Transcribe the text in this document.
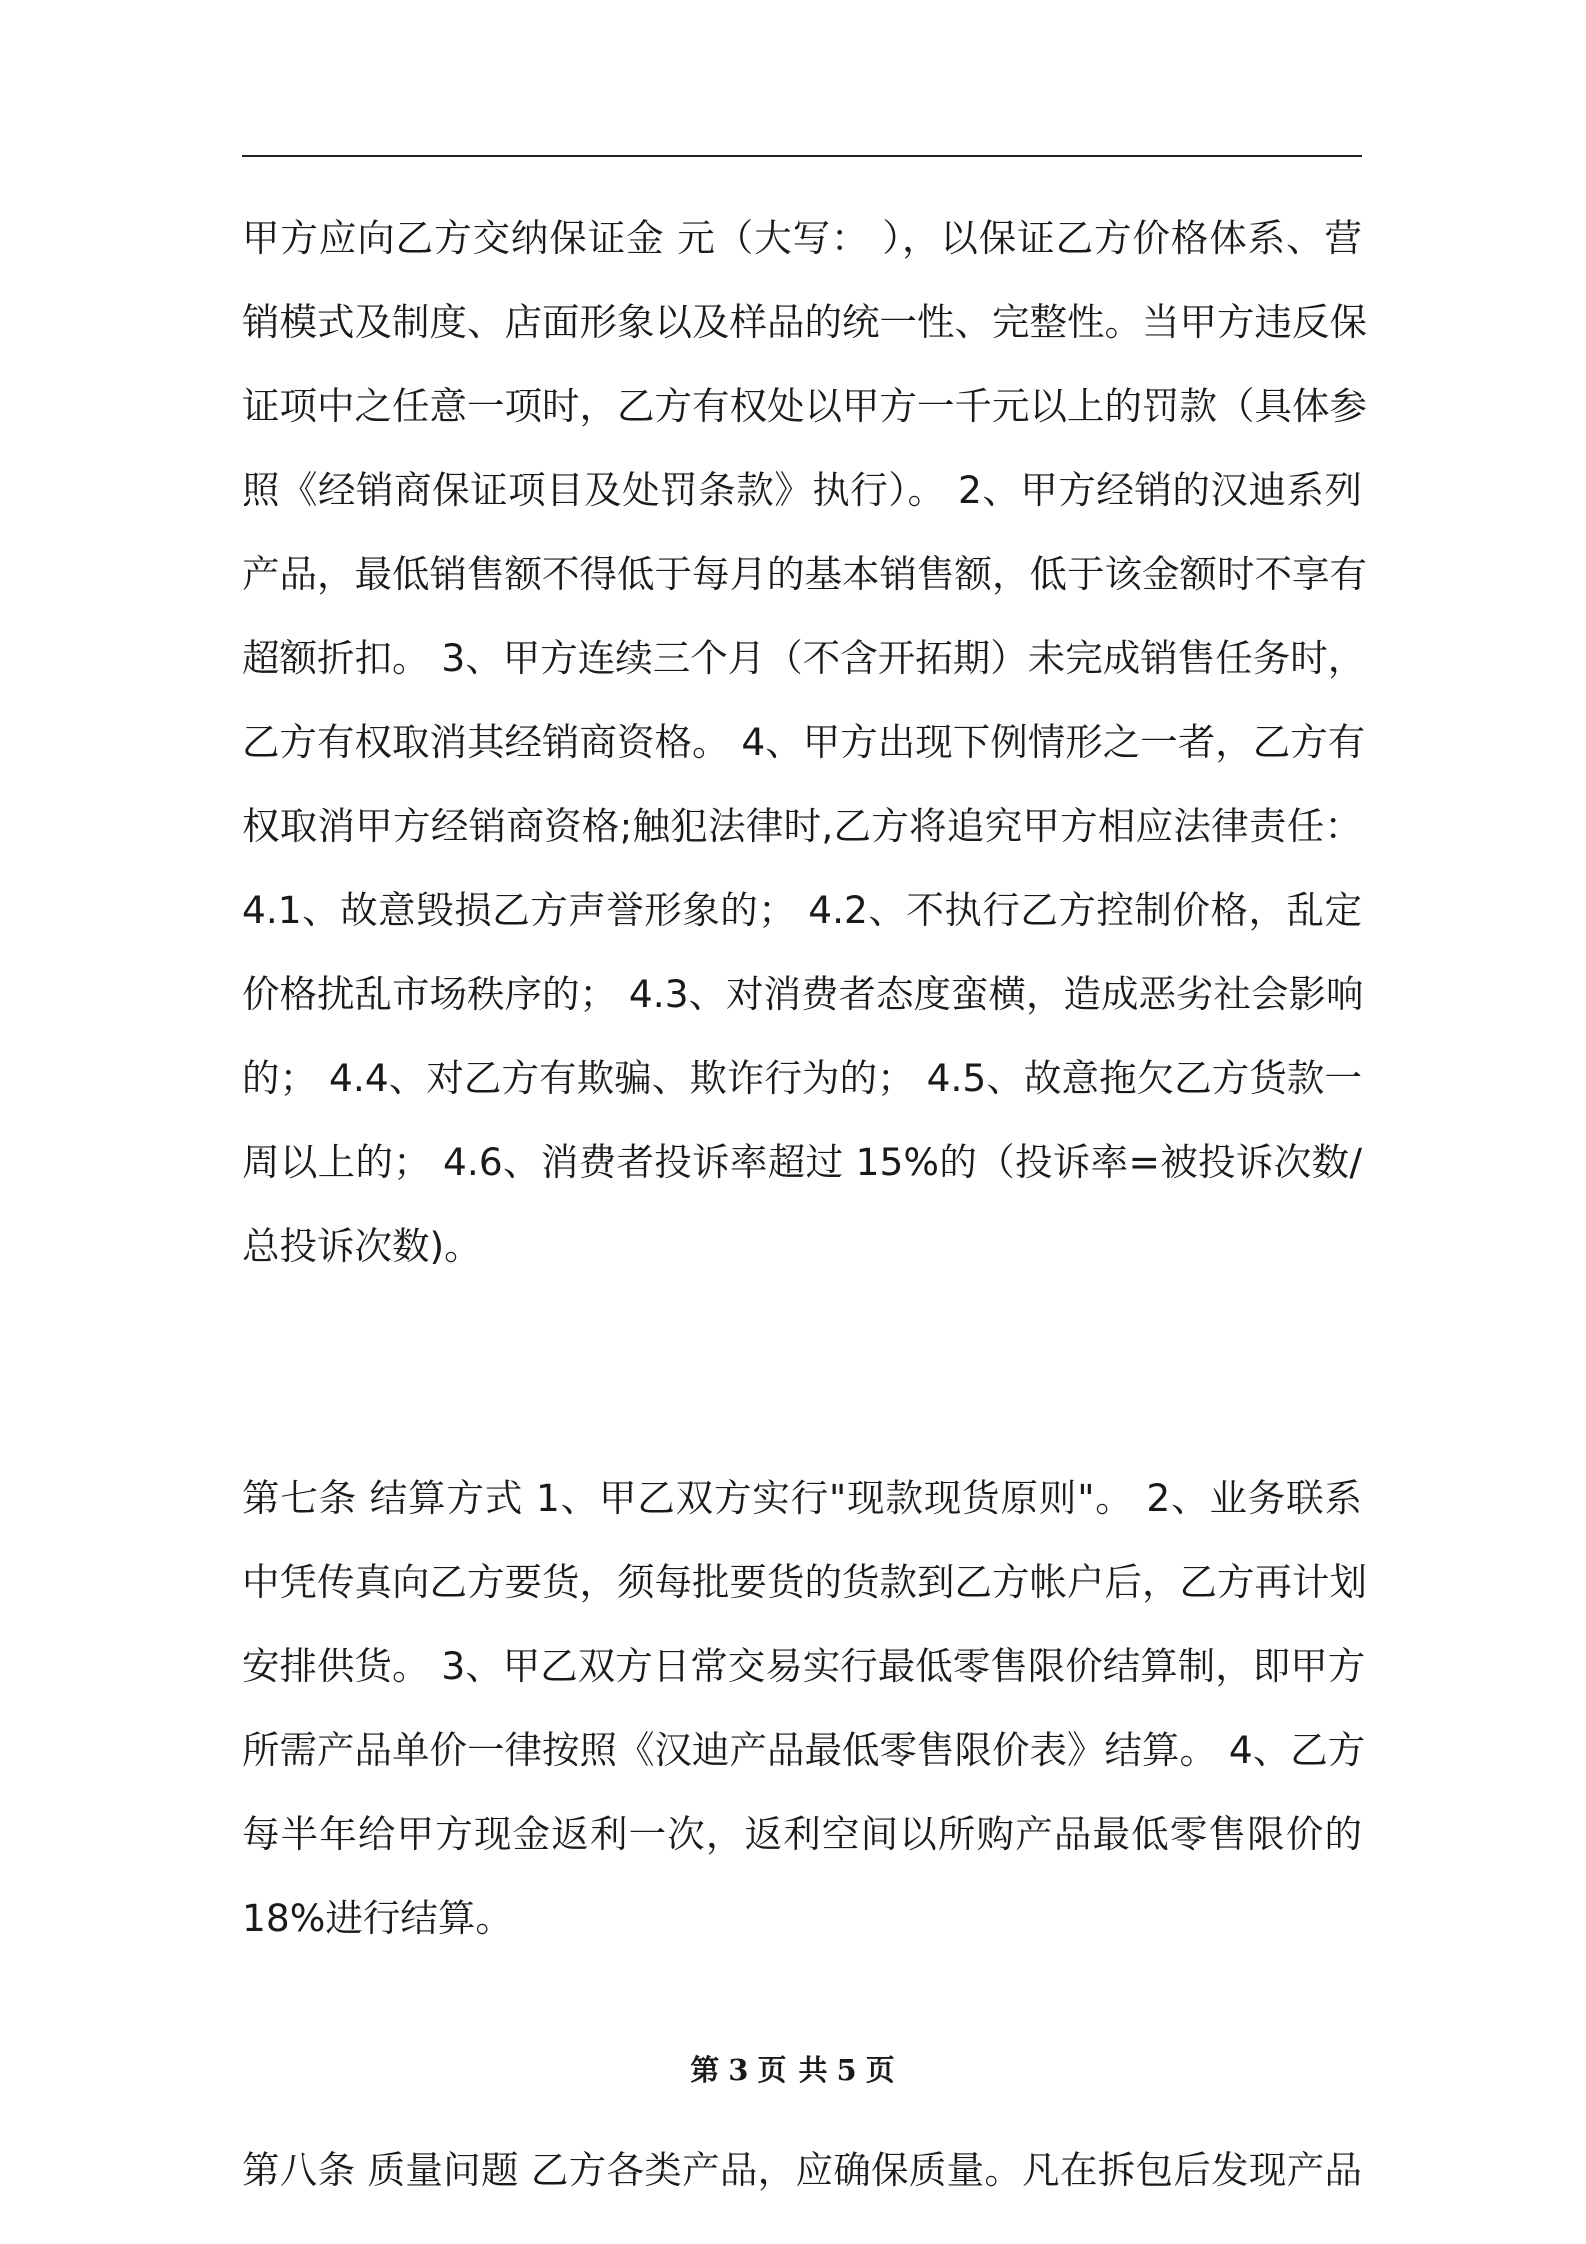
甲方应向乙方交纳保证金 元（大写： ），以保证乙方价格体系、营
销模式及制度、店面形象以及样品的统一性、完整性。当甲方违反保
证项中之任意一项时，乙方有权处以甲方一千元以上的罚款（具体参
照《经销商保证项目及处罚条款》执行）。 2、甲方经销的汉迪系列
产品，最低销售额不得低于每月的基本销售额，低于该金额时不享有
超额折扣。 3、甲方连续三个月（不含开拓期）未完成销售任务时，
乙方有权取消其经销商资格。 4、甲方出现下例情形之一者，乙方有
权取消甲方经销商资格;触犯法律时,乙方将追究甲方相应法律责任：
4.1、故意毁损乙方声誉形象的； 4.2、不执行乙方控制价格，乱定
价格扰乱市场秩序的； 4.3、对消费者态度蛮横，造成恶劣社会影响
的； 4.4、对乙方有欺骗、欺诈行为的； 4.5、故意拖欠乙方货款一
周以上的； 4.6、消费者投诉率超过 15%的（投诉率=被投诉次数/
总投诉次数)。
第七条 结算方式 1、甲乙双方实行"现款现货原则"。 2、业务联系
中凭传真向乙方要货，须每批要货的货款到乙方帐户后，乙方再计划
安排供货。 3、甲乙双方日常交易实行最低零售限价结算制，即甲方
所需产品单价一律按照《汉迪产品最低零售限价表》结算。 4、乙方
每半年给甲方现金返利一次，返利空间以所购产品最低零售限价的
18%进行结算。
第八条 质量问题 乙方各类产品，应确保质量。凡在拆包后发现产品
第 3 页 共 5 页
